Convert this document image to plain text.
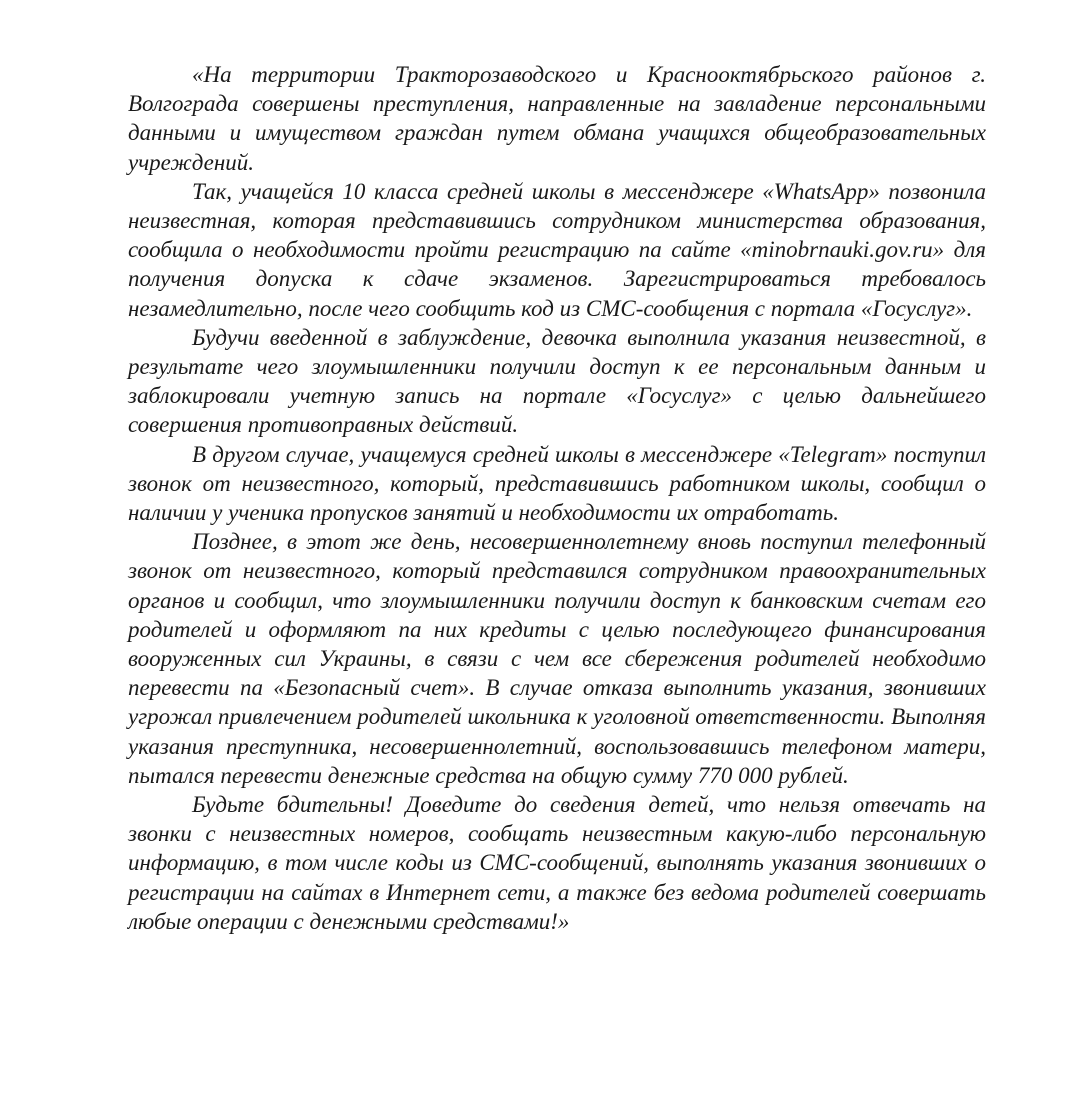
«На территории Тракторозаводского и Краснооктябрьского районов г. Волгограда совершены преступления, направленные на завладение персональными данными и имуществом граждан путем обмана учащихся общеобразовательных учреждений.

Так, учащейся 10 класса средней школы в мессенджере «WhatsApp» позвонила неизвестная, которая представившись сотрудником министерства образования, сообщила о необходимости пройти регистрацию па сайте «minobrnauki.gov.ru» для получения допуска к сдаче экзаменов. Зарегистрироваться требовалось незамедлительно, после чего сообщить код из СМС-сообщения с портала «Госуслуг».

Будучи введенной в заблуждение, девочка выполнила указания неизвестной, в результате чего злоумышленники получили доступ к ее персональным данным и заблокировали учетную запись на портале «Госуслуг» с целью дальнейшего совершения противоправных действий.

В другом случае, учащемуся средней школы в мессенджере «Telegram» поступил звонок от неизвестного, который, представившись работником школы, сообщил о наличии у ученика пропусков занятий и необходимости их отработать.

Позднее, в этот же день, несовершеннолетнему вновь поступил телефонный звонок от неизвестного, который представился сотрудником правоохранительных органов и сообщил, что злоумышленники получили доступ к банковским счетам его родителей и оформляют па них кредиты с целью последующего финансирования вооруженных сил Украины, в связи с чем все сбережения родителей необходимо перевести па «Безопасный счет». В случае отказа выполнить указания, звонивших угрожал привлечением родителей школьника к уголовной ответственности. Выполняя указания преступника, несовершеннолетний, воспользовавшись телефоном матери, пытался перевести денежные средства на общую сумму 770 000 рублей.

Будьте бдительны! Доведите до сведения детей, что нельзя отвечать на звонки с неизвестных номеров, сообщать неизвестным какую-либо персональную информацию, в том числе коды из СМС-сообщений, выполнять указания звонивших о регистрации на сайтах в Интернет сети, а также без ведома родителей совершать любые операции с денежными средствами!»
